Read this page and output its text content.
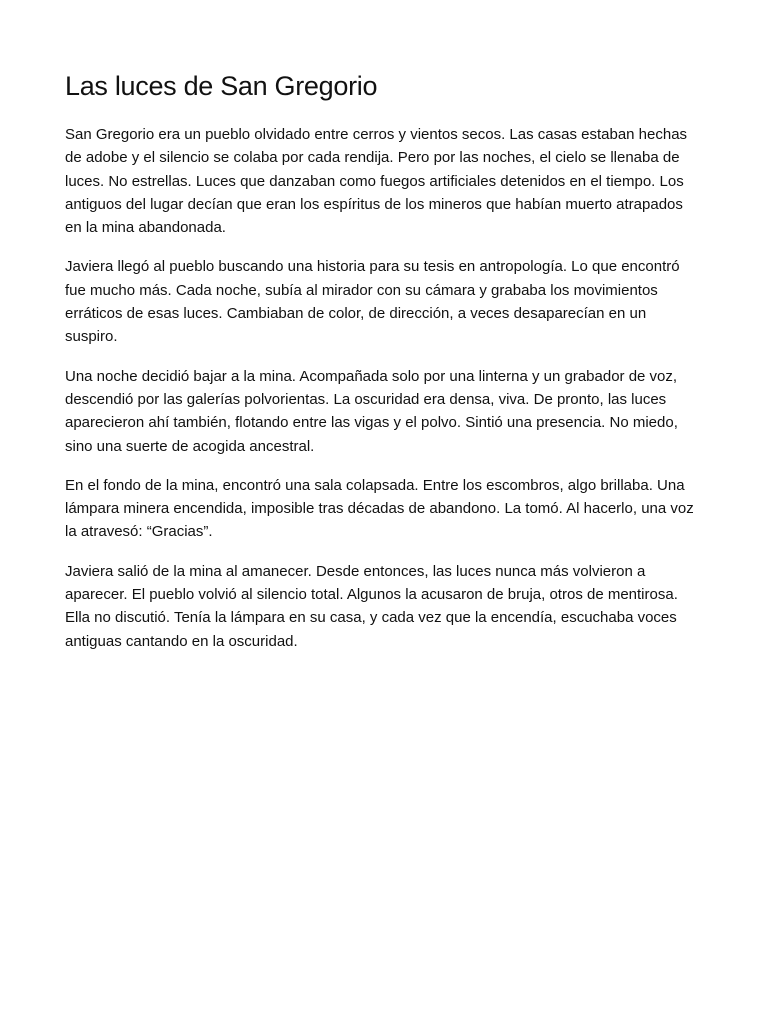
Las luces de San Gregorio

San Gregorio era un pueblo olvidado entre cerros y vientos secos. Las casas estaban hechas de adobe y el silencio se colaba por cada rendija. Pero por las noches, el cielo se llenaba de luces. No estrellas. Luces que danzaban como fuegos artificiales detenidos en el tiempo. Los antiguos del lugar decían que eran los espíritus de los mineros que habían muerto atrapados en la mina abandonada.

Javiera llegó al pueblo buscando una historia para su tesis en antropología. Lo que encontró fue mucho más. Cada noche, subía al mirador con su cámara y grababa los movimientos erráticos de esas luces. Cambiaban de color, de dirección, a veces desaparecían en un suspiro.

Una noche decidió bajar a la mina. Acompañada solo por una linterna y un grabador de voz, descendió por las galerías polvorientas. La oscuridad era densa, viva. De pronto, las luces aparecieron ahí también, flotando entre las vigas y el polvo. Sintió una presencia. No miedo, sino una suerte de acogida ancestral.

En el fondo de la mina, encontró una sala colapsada. Entre los escombros, algo brillaba. Una lámpara minera encendida, imposible tras décadas de abandono. La tomó. Al hacerlo, una voz la atravesó: “Gracias”.

Javiera salió de la mina al amanecer. Desde entonces, las luces nunca más volvieron a aparecer. El pueblo volvió al silencio total. Algunos la acusaron de bruja, otros de mentirosa. Ella no discutió. Tenía la lámpara en su casa, y cada vez que la encendía, escuchaba voces antiguas cantando en la oscuridad.
